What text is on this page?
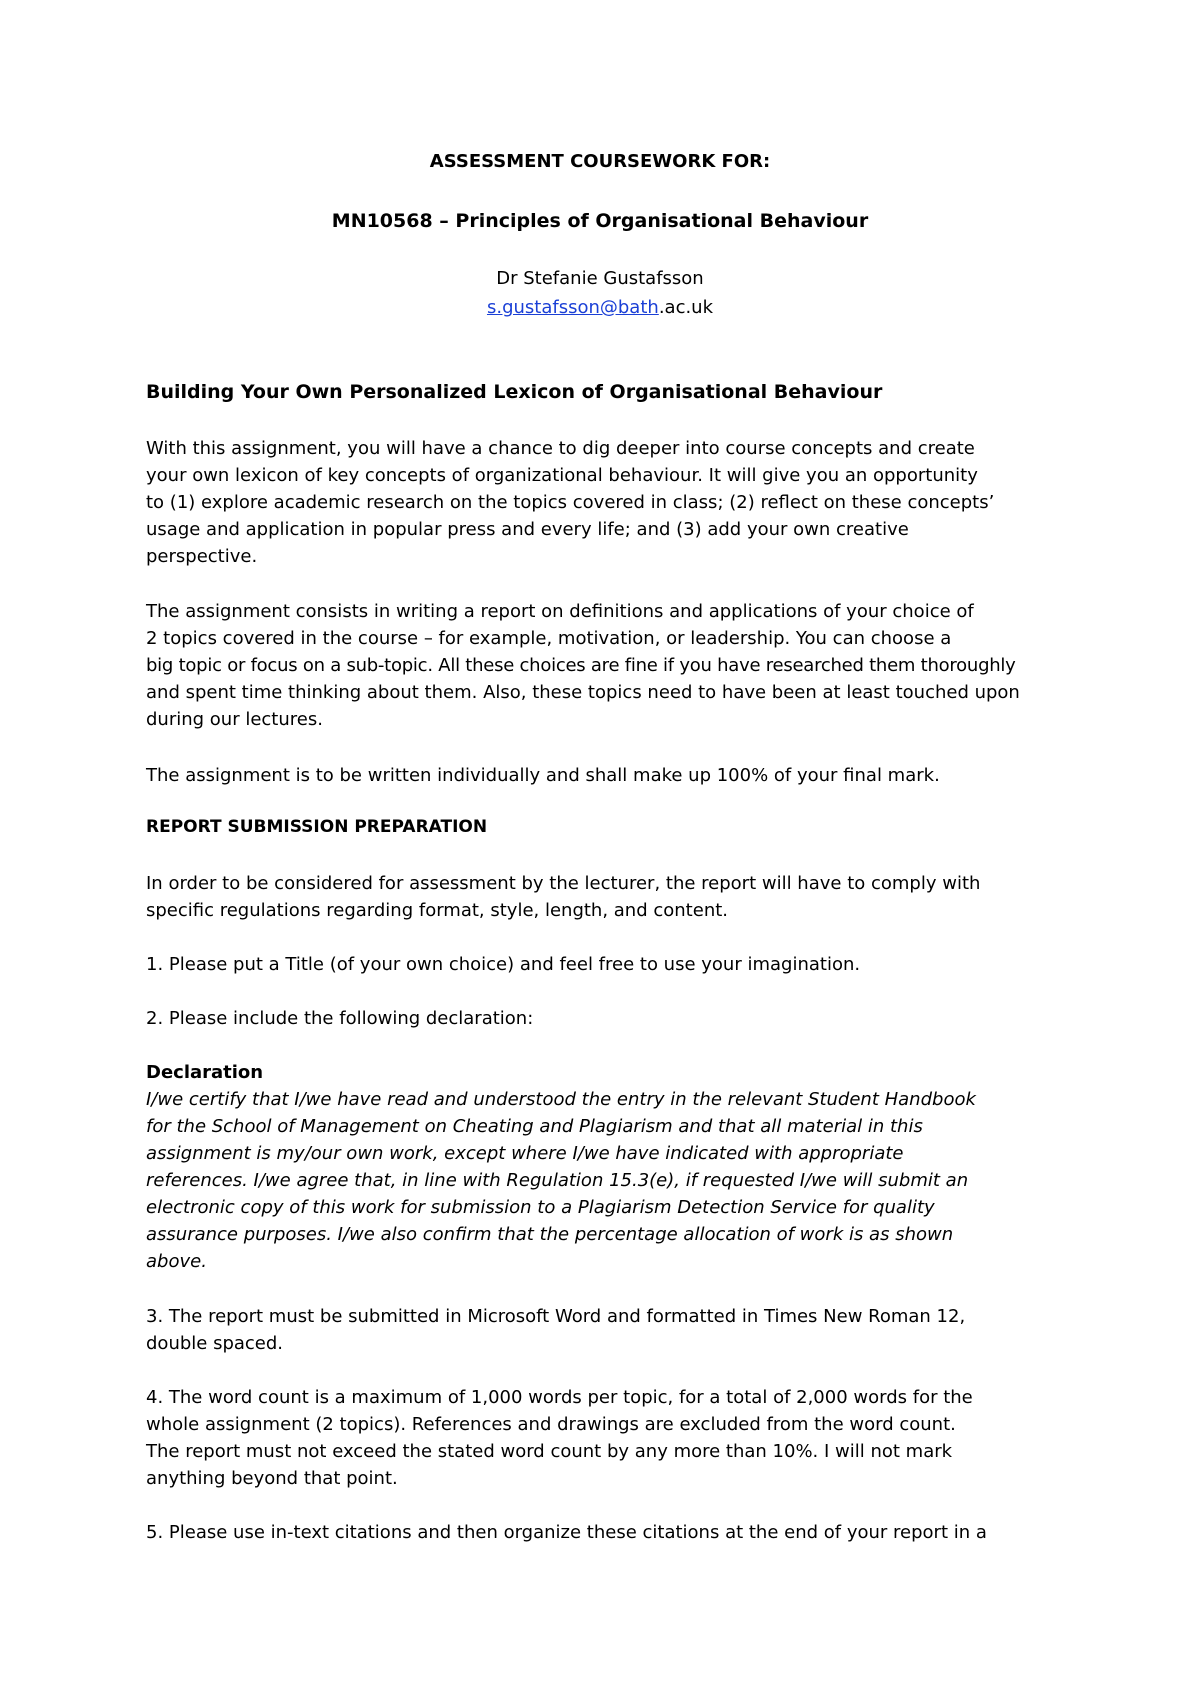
ASSESSMENT COURSEWORK FOR:
MN10568 – Principles of Organisational Behaviour
Dr Stefanie Gustafsson
s.gustafsson@bath.ac.uk
Building Your Own Personalized Lexicon of Organisational Behaviour
With this assignment, you will have a chance to dig deeper into course concepts and create
your own lexicon of key concepts of organizational behaviour. It will give you an opportunity
to (1) explore academic research on the topics covered in class; (2) reflect on these concepts’
usage and application in popular press and every life; and (3) add your own creative
perspective.
The assignment consists in writing a report on definitions and applications of your choice of
2 topics covered in the course – for example, motivation, or leadership. You can choose a
big topic or focus on a sub-topic. All these choices are fine if you have researched them thoroughly
and spent time thinking about them. Also, these topics need to have been at least touched upon
during our lectures.
The assignment is to be written individually and shall make up 100% of your final mark.
REPORT SUBMISSION PREPARATION
In order to be considered for assessment by the lecturer, the report will have to comply with
specific regulations regarding format, style, length, and content.
1. Please put a Title (of your own choice) and feel free to use your imagination.
2. Please include the following declaration:
Declaration
I/we certify that I/we have read and understood the entry in the relevant Student Handbook
for the School of Management on Cheating and Plagiarism and that all material in this
assignment is my/our own work, except where I/we have indicated with appropriate
references. I/we agree that, in line with Regulation 15.3(e), if requested I/we will submit an
electronic copy of this work for submission to a Plagiarism Detection Service for quality
assurance purposes. I/we also confirm that the percentage allocation of work is as shown
above.
3. The report must be submitted in Microsoft Word and formatted in Times New Roman 12,
double spaced.
4. The word count is a maximum of 1,000 words per topic, for a total of 2,000 words for the
whole assignment (2 topics). References and drawings are excluded from the word count.
The report must not exceed the stated word count by any more than 10%. I will not mark
anything beyond that point.
5. Please use in-text citations and then organize these citations at the end of your report in a
